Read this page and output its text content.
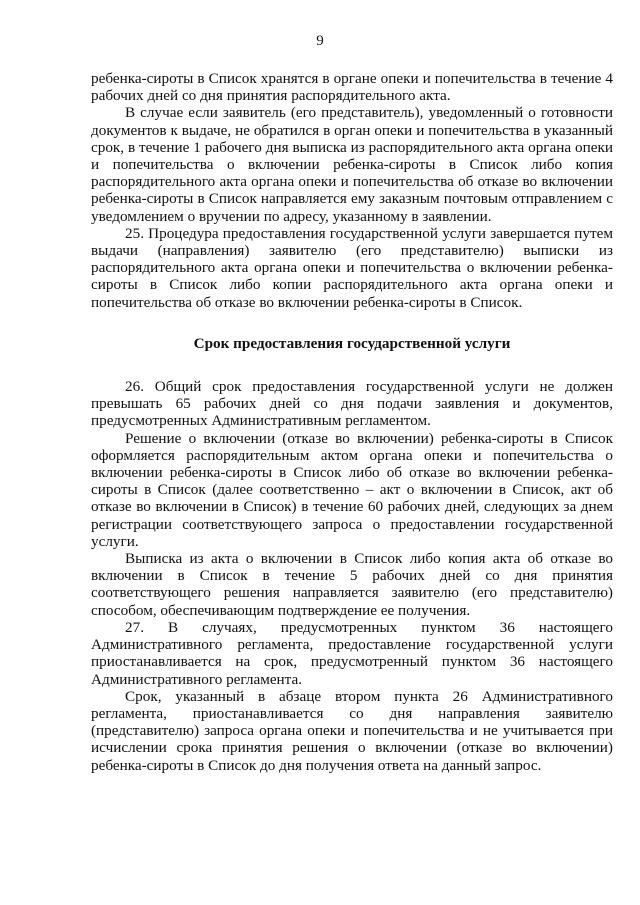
9

ребенка-сироты в Список хранятся в органе опеки и попечительства в течение 4 рабочих дней со дня принятия распорядительного акта.

В случае если заявитель (его представитель), уведомленный о готовности документов к выдаче, не обратился в орган опеки и попечительства в указанный срок, в течение 1 рабочего дня выписка из распорядительного акта органа опеки и попечительства о включении ребенка-сироты в Список либо копия распорядительного акта органа опеки и попечительства об отказе во включении ребенка-сироты в Список направляется ему заказным почтовым отправлением с уведомлением о вручении по адресу, указанному в заявлении.

25. Процедура предоставления государственной услуги завершается путем выдачи (направления) заявителю (его представителю) выписки из распорядительного акта органа опеки и попечительства о включении ребенка-сироты в Список либо копии распорядительного акта органа опеки и попечительства об отказе во включении ребенка-сироты в Список.

Срок предоставления государственной услуги

26. Общий срок предоставления государственной услуги не должен превышать 65 рабочих дней со дня подачи заявления и документов, предусмотренных Административным регламентом.

Решение о включении (отказе во включении) ребенка-сироты в Список оформляется распорядительным актом органа опеки и попечительства о включении ребенка-сироты в Список либо об отказе во включении ребенка-сироты в Список (далее соответственно – акт о включении в Список, акт об отказе во включении в Список) в течение 60 рабочих дней, следующих за днем регистрации соответствующего запроса о предоставлении государственной услуги.

Выписка из акта о включении в Список либо копия акта об отказе во включении в Список в течение 5 рабочих дней со дня принятия соответствующего решения направляется заявителю (его представителю) способом, обеспечивающим подтверждение ее получения.

27. В случаях, предусмотренных пунктом 36 настоящего Административного регламента, предоставление государственной услуги приостанавливается на срок, предусмотренный пунктом 36 настоящего Административного регламента.

Срок, указанный в абзаце втором пункта 26 Административного регламента, приостанавливается со дня направления заявителю (представителю) запроса органа опеки и попечительства и не учитывается при исчислении срока принятия решения о включении (отказе во включении) ребенка-сироты в Список до дня получения ответа на данный запрос.
